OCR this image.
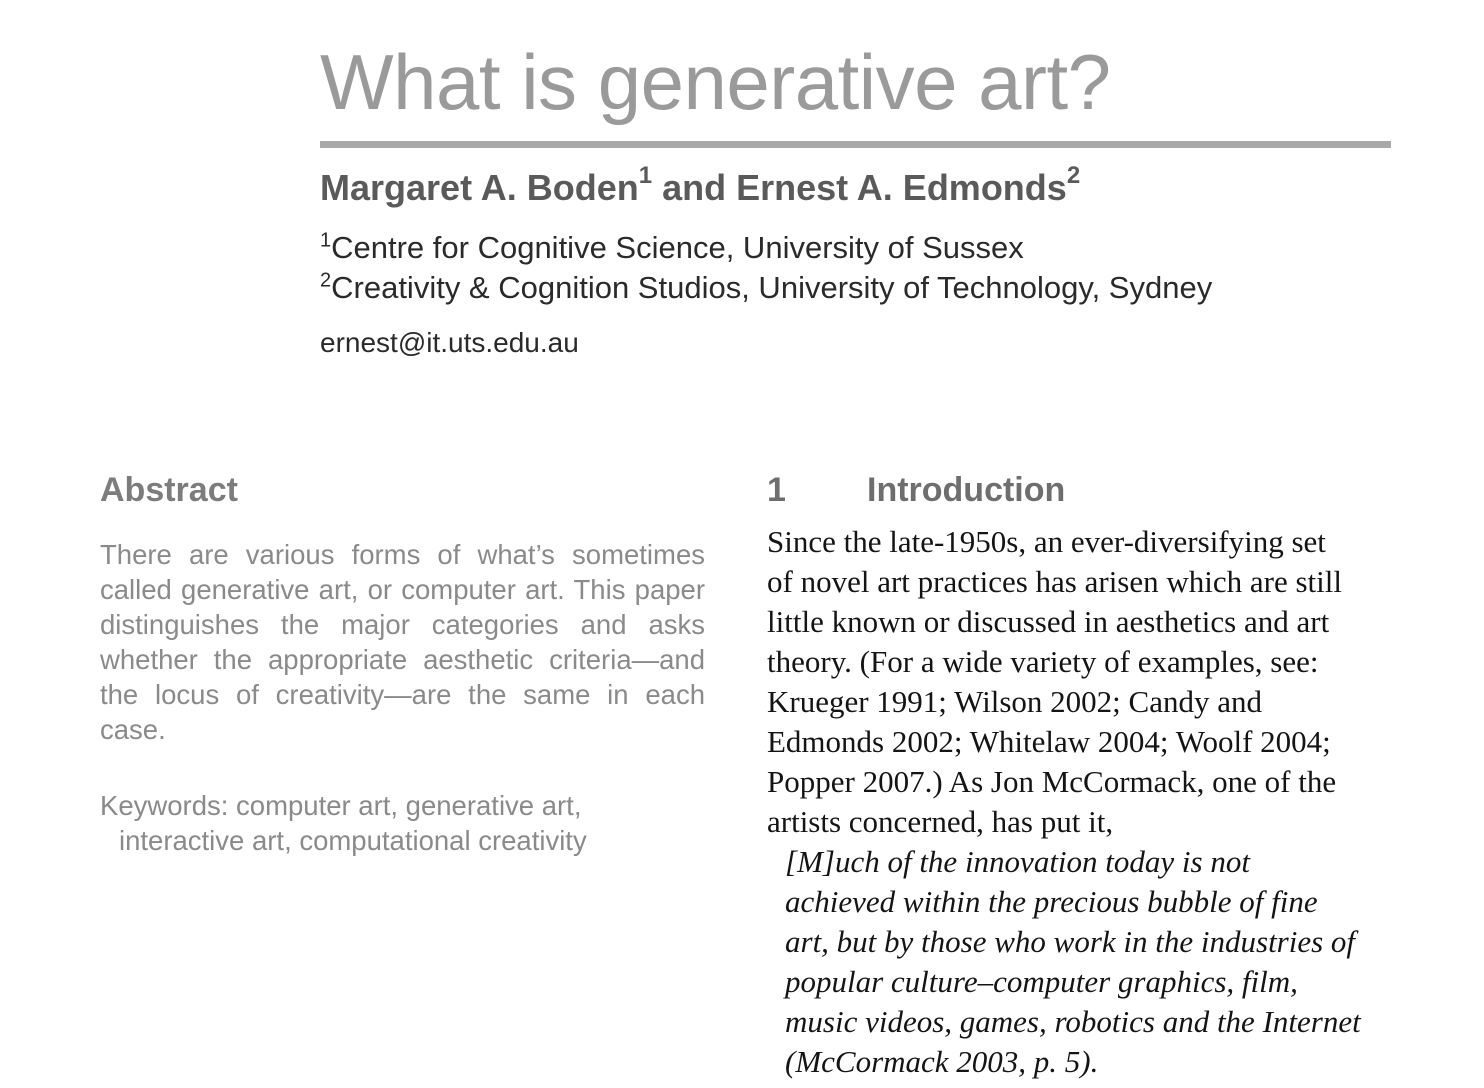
What is generative art?

Margaret A. Boden$^1$ and Ernest A. Edmonds$^2$

$^1$Centre for Cognitive Science, University of Sussex

$^2$Creativity & Cognition Studios, University of Technology, Sydney

ernest@it.uts.edu.au

Abstract

There are various forms of what’s sometimes called generative art, or computer art. This paper distinguishes the major categories and asks whether the appropriate aesthetic criteria—and the locus of creativity—are the same in each case.

Keywords: computer art, generative art,
interactive art, computational creativity

1 Introduction

Since the late-1950s, an ever-diversifying set
of novel art practices has arisen which are still
little known or discussed in aesthetics and art
theory. (For a wide variety of examples, see:
Krueger 1991; Wilson 2002; Candy and
Edmonds 2002; Whitelaw 2004; Woolf 2004;
Popper 2007.) As Jon McCormack, one of the
artists concerned, has put it,

[M]uch of the innovation today is not
achieved within the precious bubble of fine
art, but by those who work in the industries of
popular culture–computer graphics, film,
music videos, games, robotics and the Internet
(McCormack 2003, p. 5).
